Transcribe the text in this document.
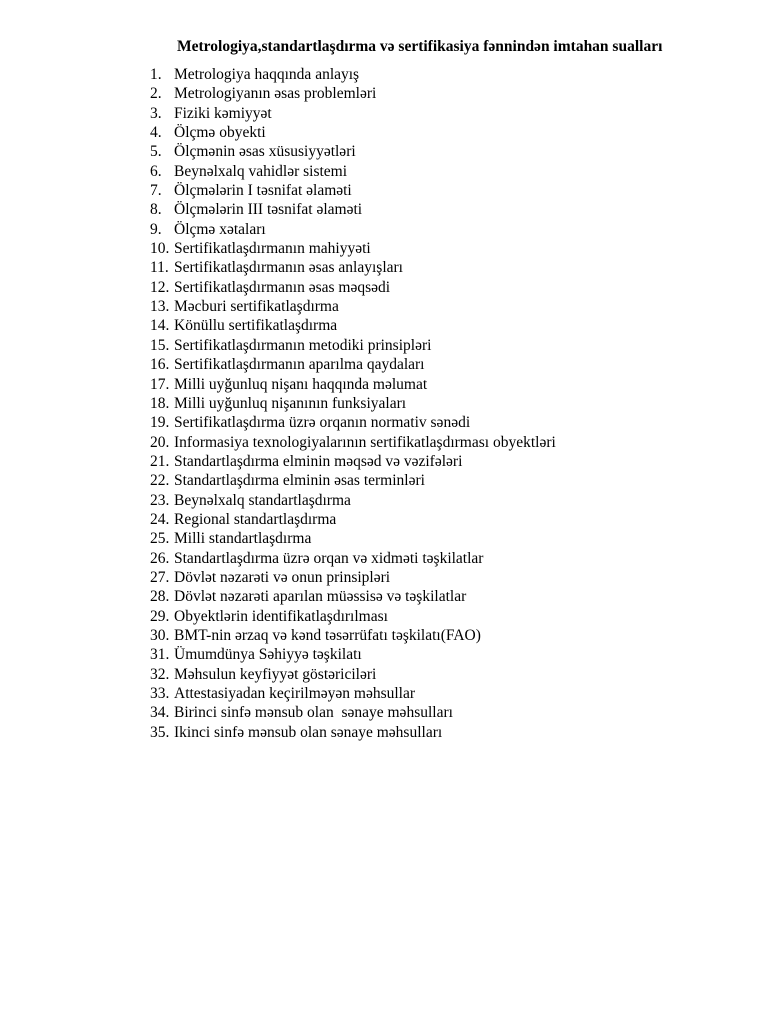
Metrologiya,standartlaşdırma və sertifikasiya fənnindən imtahan sualları
1. Metrologiya haqqında anlayış
2. Metrologiyanın əsas problemləri
3. Fiziki kəmiyyət
4. Ölçmə obyekti
5. Ölçmənin əsas xüsusiyyətləri
6. Beynəlxalq vahidlər sistemi
7. Ölçmələrin I təsnifat əlaməti
8. Ölçmələrin III təsnifat əlaməti
9. Ölçmə xətaları
10. Sertifikatlaşdırmanın mahiyyəti
11. Sertifikatlaşdırmanın əsas anlayışları
12. Sertifikatlaşdırmanın əsas məqsədi
13. Məcburi sertifikatlaşdırma
14. Könüllu sertifikatlaşdırma
15. Sertifikatlaşdırmanın metodiki prinsipləri
16. Sertifikatlaşdırmanın aparılma qaydaları
17. Milli uyğunluq nişanı haqqında məlumat
18. Milli uyğunluq nişanının funksiyaları
19. Sertifikatlaşdırma üzrə orqanın normativ sənədi
20. Informasiya texnologiyalarının sertifikatlaşdırması obyektləri
21. Standartlaşdırma elminin məqsəd və vəzifələri
22. Standartlaşdırma elminin əsas terminləri
23. Beynəlxalq standartlaşdırma
24. Regional standartlaşdırma
25. Milli standartlaşdırma
26. Standartlaşdırma üzrə orqan və xidməti təşkilatlar
27. Dövlət nəzarəti və onun prinsipləri
28. Dövlət nəzarəti aparılan müəssisə və təşkilatlar
29. Obyektlərin identifikatlaşdırılması
30. BMT-nin ərzaq və kənd təsərrüfatı təşkilatı(FAO)
31. Ümumdünya Səhiyyə təşkilatı
32. Məhsulun keyfiyyət göstəriciləri
33. Attestasiyadan keçirilməyən məhsullar
34. Birinci sinfə mənsub olan  sənaye məhsulları
35. Ikinci sinfə mənsub olan sənaye məhsulları
